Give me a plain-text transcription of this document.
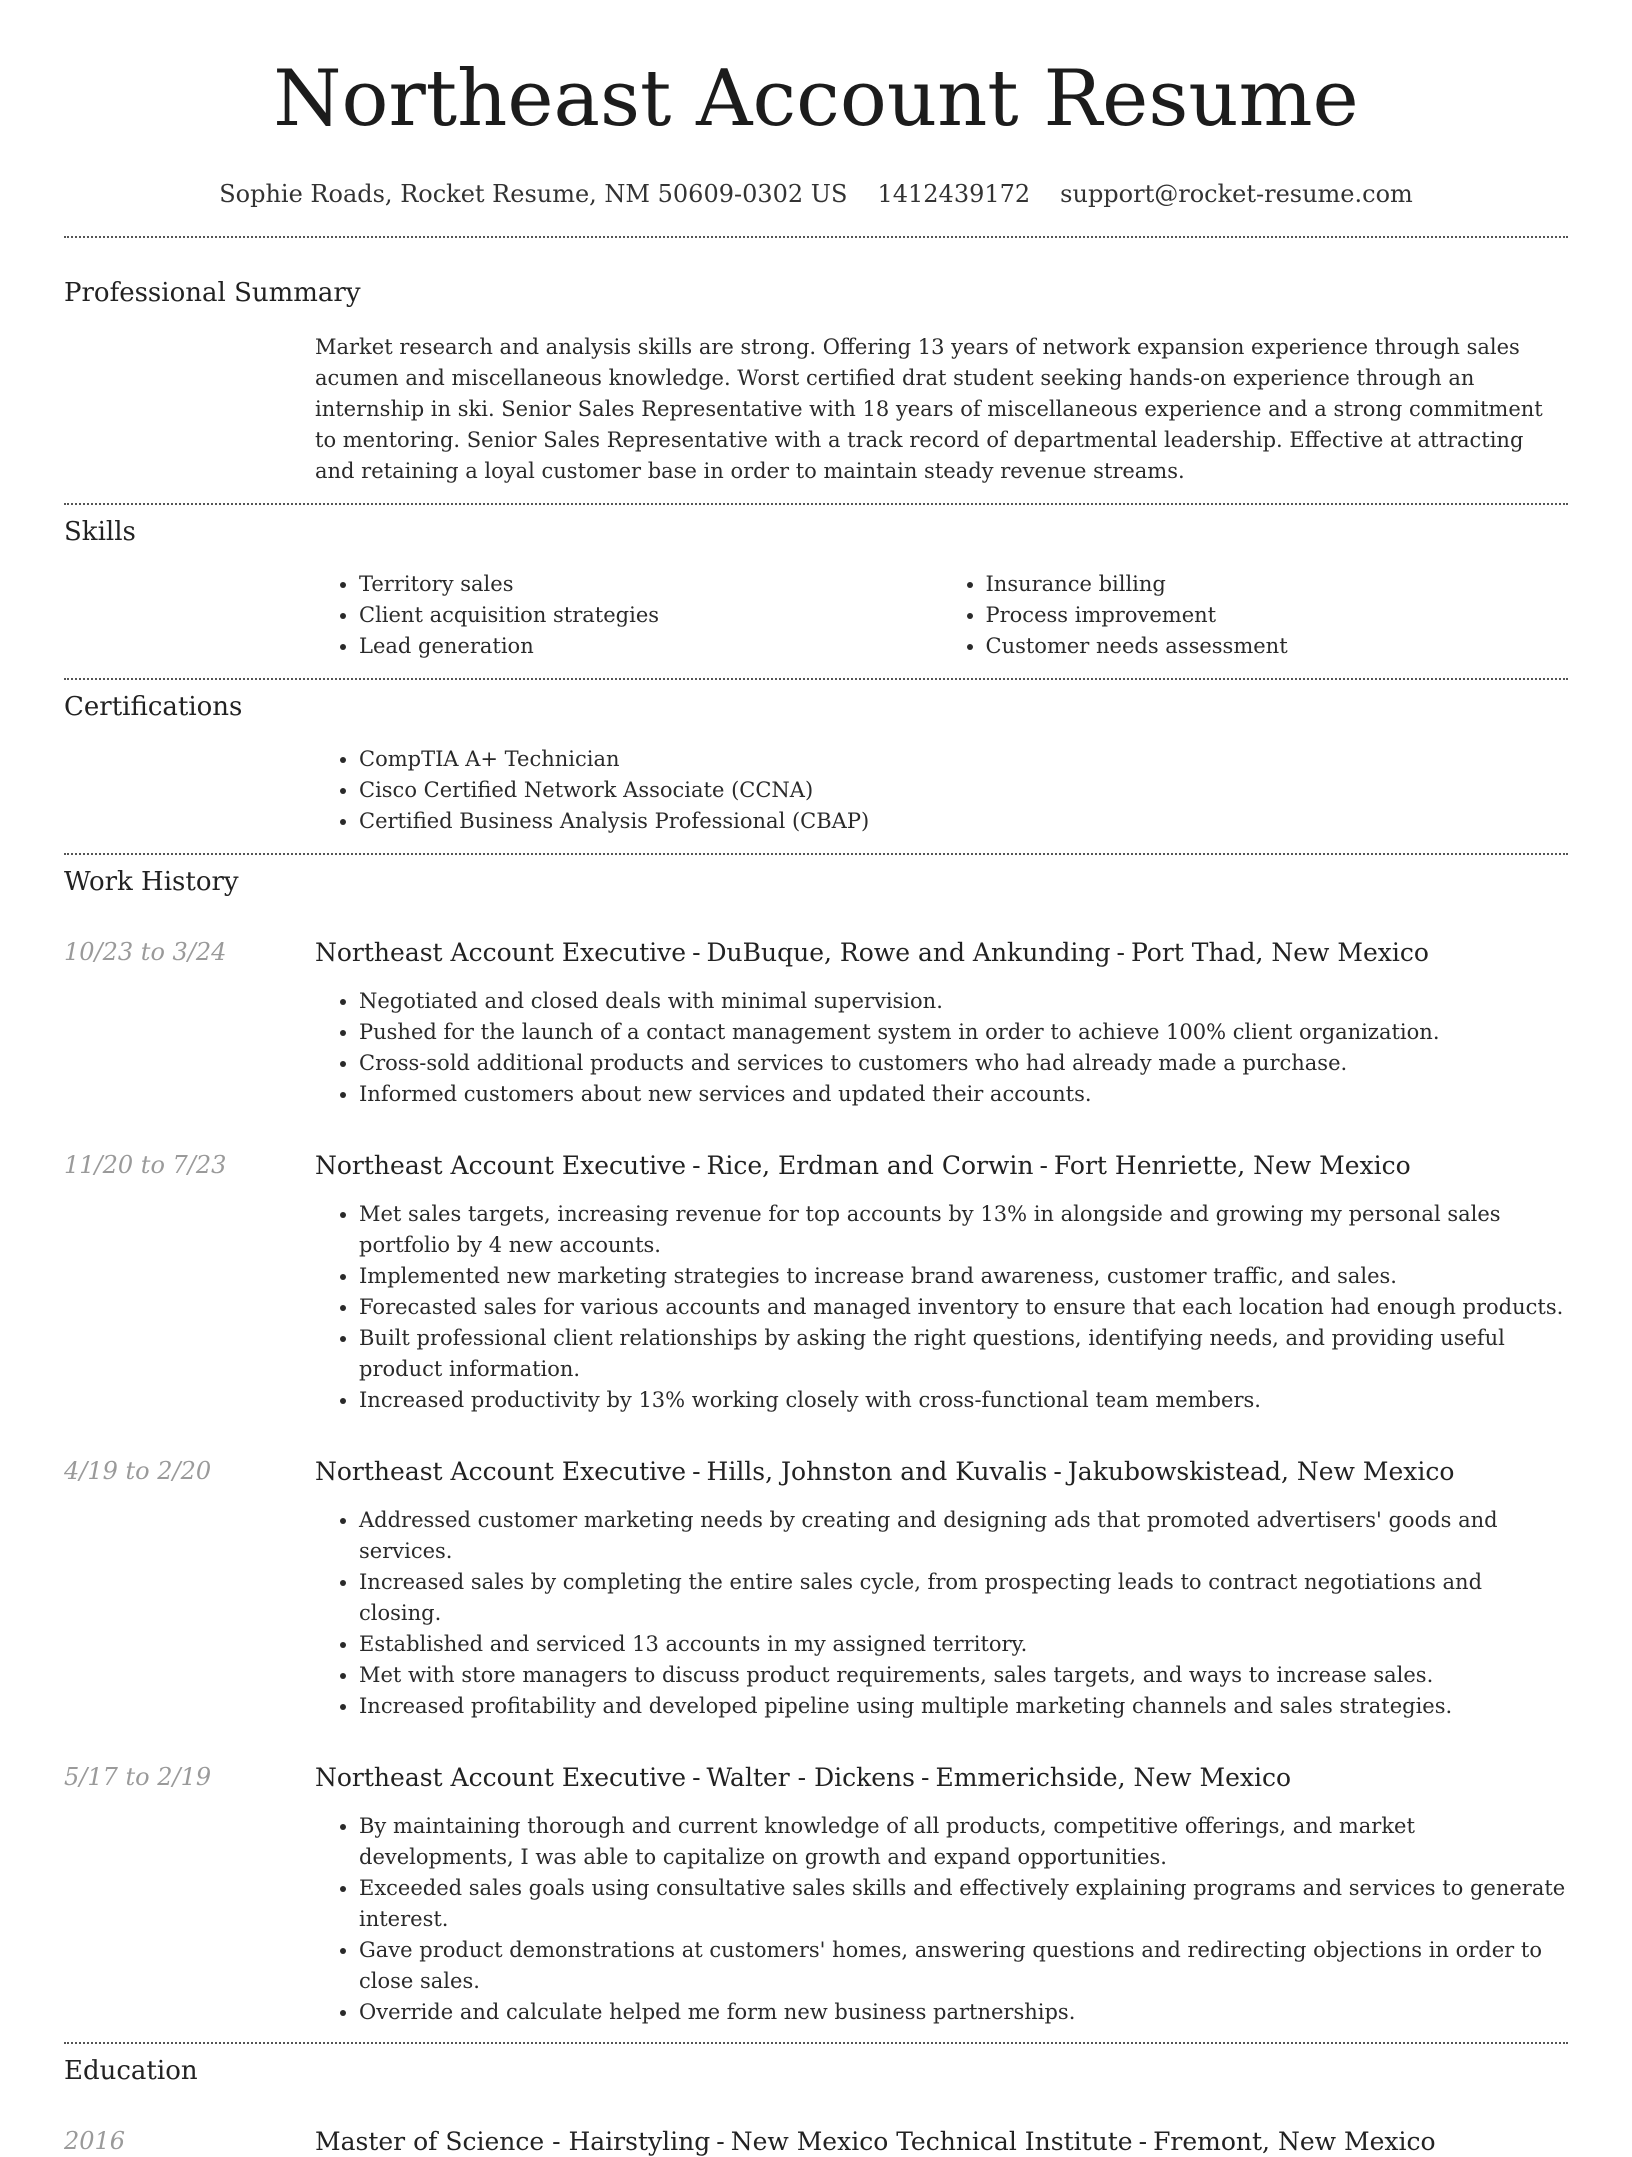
Northeast Account Resume
Sophie Roads, Rocket Resume, NM 50609-0302 US 1412439172 support@rocket-resume.com
Professional Summary

Market research and analysis skills are strong. Offering 13 years of network expansion experience through sales acumen and miscellaneous knowledge. Worst certified drat student seeking hands-on experience through an internship in ski. Senior Sales Representative with 18 years of miscellaneous experience and a strong commitment to mentoring. Senior Sales Representative with a track record of departmental leadership. Effective at attracting and retaining a loyal customer base in order to maintain steady revenue streams.

Skills
• Territory sales
• Client acquisition strategies
• Lead generation
• Insurance billing
• Process improvement
• Customer needs assessment
Certifications
• CompTIA A+ Technician
• Cisco Certified Network Associate (CCNA)
• Certified Business Analysis Professional (CBAP)
Work History
10/23 to 3/24	Northeast Account Executive - DuBuque, Rowe and Ankunding - Port Thad, New Mexico
• Negotiated and closed deals with minimal supervision.
• Pushed for the launch of a contact management system in order to achieve 100% client organization.
• Cross-sold additional products and services to customers who had already made a purchase.
• Informed customers about new services and updated their accounts.
11/20 to 7/23	Northeast Account Executive - Rice, Erdman and Corwin - Fort Henriette, New Mexico
• Met sales targets, increasing revenue for top accounts by 13% in alongside and growing my personal sales portfolio by 4 new accounts.
• Implemented new marketing strategies to increase brand awareness, customer traffic, and sales.
• Forecasted sales for various accounts and managed inventory to ensure that each location had enough products.
• Built professional client relationships by asking the right questions, identifying needs, and providing useful product information.
• Increased productivity by 13% working closely with cross-functional team members.
4/19 to 2/20	Northeast Account Executive - Hills, Johnston and Kuvalis - Jakubowskistead, New Mexico
• Addressed customer marketing needs by creating and designing ads that promoted advertisers' goods and services.
• Increased sales by completing the entire sales cycle, from prospecting leads to contract negotiations and closing.
• Established and serviced 13 accounts in my assigned territory.
• Met with store managers to discuss product requirements, sales targets, and ways to increase sales.
• Increased profitability and developed pipeline using multiple marketing channels and sales strategies.
5/17 to 2/19	Northeast Account Executive - Walter - Dickens - Emmerichside, New Mexico
• By maintaining thorough and current knowledge of all products, competitive offerings, and market developments, I was able to capitalize on growth and expand opportunities.
• Exceeded sales goals using consultative sales skills and effectively explaining programs and services to generate interest.
• Gave product demonstrations at customers' homes, answering questions and redirecting objections in order to close sales.
• Override and calculate helped me form new business partnerships.
Education
2016	Master of Science - Hairstyling - New Mexico Technical Institute - Fremont, New Mexico
